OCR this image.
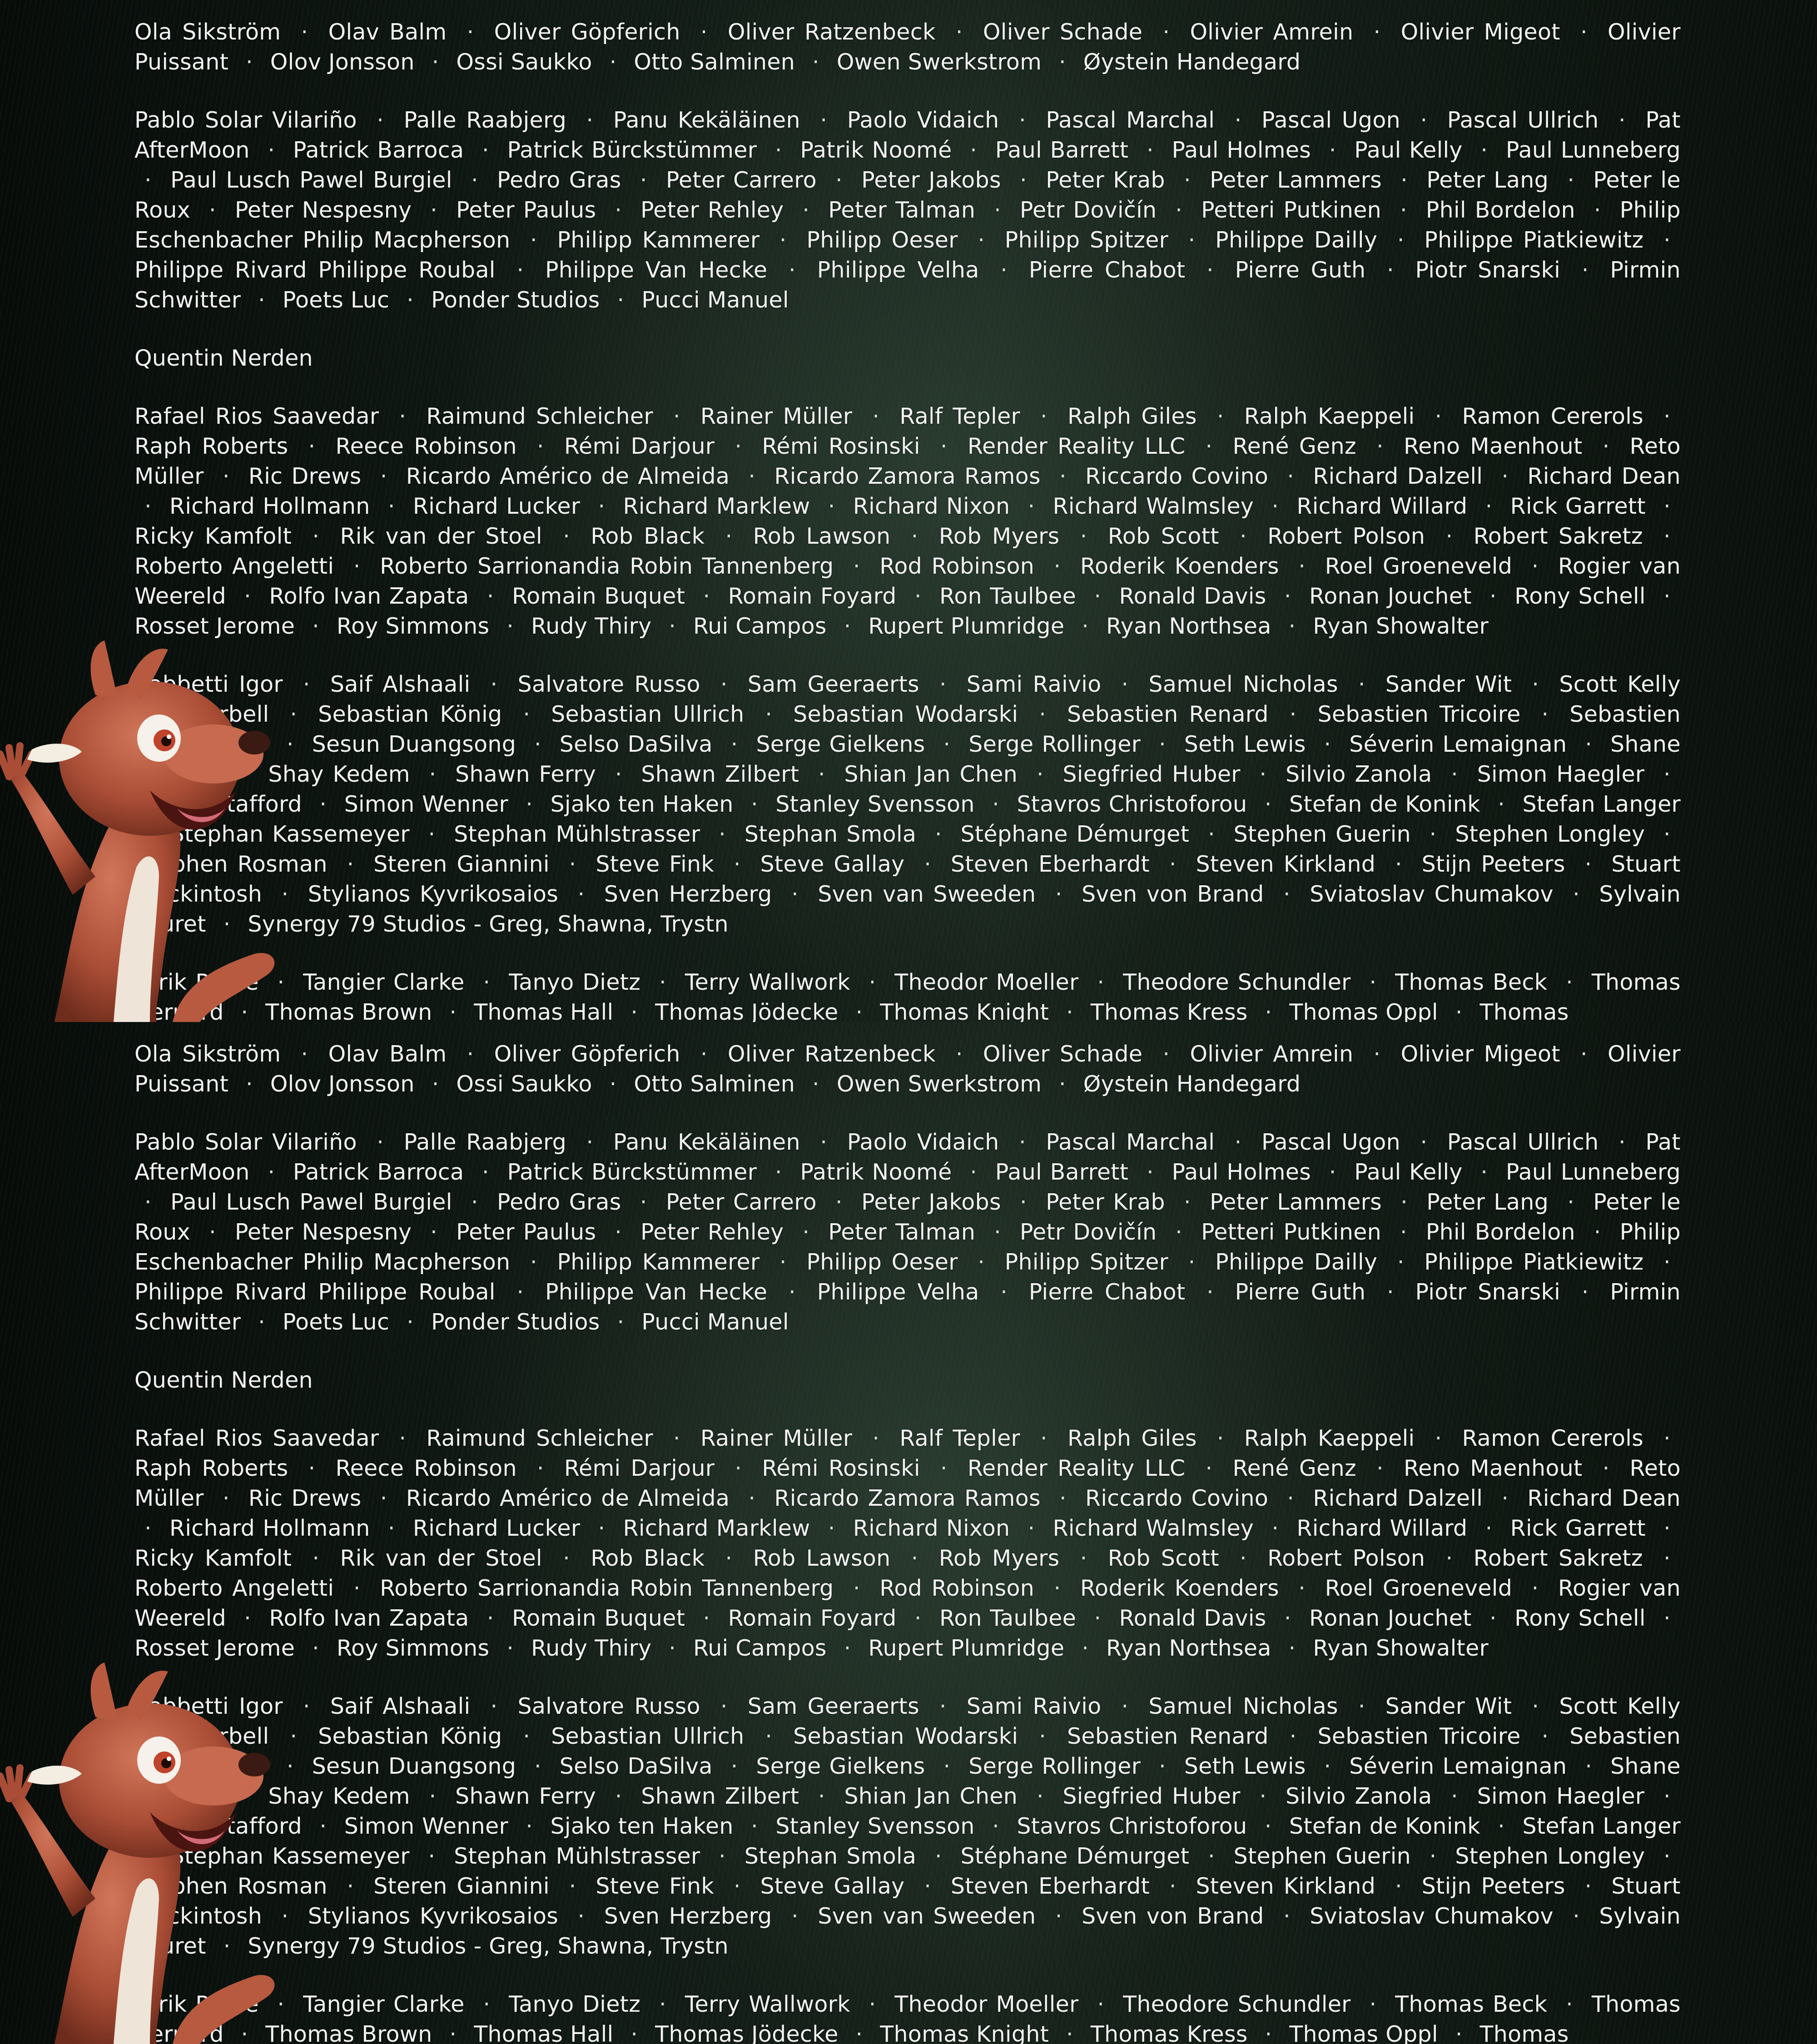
Ola Sikström · Olav Balm · Oliver Göpferich · Oliver Ratzenbeck · Oliver Schade · Olivier Amrein · Olivier Migeot · Olivier Puissant · Olov Jonsson · Ossi Saukko · Otto Salminen · Owen Swerkstrom · Øystein Handegard

Pablo Solar Vilariño · Palle Raabjerg · Panu Kekäläinen · Paolo Vidaich · Pascal Marchal · Pascal Ugon · Pascal Ullrich · Pat AfterMoon · Patrick Barroca · Patrick Bürckstümmer · Patrik Noomé · Paul Barrett · Paul Holmes · Paul Kelly · Paul Lunneberg · Paul Lusch Pawel Burgiel · Pedro Gras · Peter Carrero · Peter Jakobs · Peter Krab · Peter Lammers · Peter Lang · Peter le Roux · Peter Nespesny · Peter Paulus · Peter Rehley · Peter Talman · Petr Dovičín · Petteri Putkinen · Phil Bordelon · Philip Eschenbacher Philip Macpherson · Philipp Kammerer · Philipp Oeser · Philipp Spitzer · Philippe Dailly · Philippe Piatkiewitz · Philippe Rivard Philippe Roubal · Philippe Van Hecke · Philippe Velha · Pierre Chabot · Pierre Guth · Piotr Snarski · Pirmin Schwitter · Poets Luc · Ponder Studios · Pucci Manuel

Quentin Nerden

Rafael Rios Saavedar · Raimund Schleicher · Rainer Müller · Ralf Tepler · Ralph Giles · Ralph Kaeppeli · Ramon Cererols · Raph Roberts · Reece Robinson · Rémi Darjour · Rémi Rosinski · Render Reality LLC · René Genz · Reno Maenhout · Reto Müller · Ric Drews · Ricardo Américo de Almeida · Ricardo Zamora Ramos · Riccardo Covino · Richard Dalzell · Richard Dean · Richard Hollmann · Richard Lucker · Richard Marklew · Richard Nixon · Richard Walmsley · Richard Willard · Rick Garrett · Ricky Kamfolt · Rik van der Stoel · Rob Black · Rob Lawson · Rob Myers · Rob Scott · Robert Polson · Robert Sakretz · Roberto Angeletti · Roberto Sarrionandia Robin Tannenberg · Rod Robinson · Roderik Koenders · Roel Groeneveld · Rogier van Weereld · Rolfo Ivan Zapata · Romain Buquet · Romain Foyard · Ron Taulbee · Ronald Davis · Ronan Jouchet · Rony Schell · Rosset Jerome · Roy Simmons · Rudy Thiry · Rui Campos · Rupert Plumridge · Ryan Northsea · Ryan Showalter

Sabbetti Igor · Saif Alshaali · Salvatore Russo · Sam Geeraerts · Sami Raivio · Samuel Nicholas · Sander Wit · Scott Kelly Sean Orbell · Sebastian König · Sebastian Ullrich · Sebastian Wodarski · Sebastien Renard · Sebastien Tricoire · Sebastien Vizzacchero · Sesun Duangsong · Selso DaSilva · Serge Gielkens · Serge Rollinger · Seth Lewis · Séverin Lemaignan · Shane Johnson · Shay Kedem · Shawn Ferry · Shawn Zilbert · Shian Jan Chen · Siegfried Huber · Silvio Zanola · Simon Haegler · Simon Stafford · Simon Wenner · Sjako ten Haken · Stanley Svensson · Stavros Christoforou · Stefan de Konink · Stefan Langer · Stephan Kassemeyer · Stephan Mühlstrasser · Stephan Smola · Stéphane Démurget · Stephen Guerin · Stephen Longley · Stephen Rosman · Steren Giannini · Steve Fink · Steve Gallay · Steven Eberhardt · Steven Kirkland · Stijn Peeters · Stuart Mackintosh · Stylianos Kyvrikosaios · Sven Herzberg · Sven van Sweeden · Sven von Brand · Sviatoslav Chumakov · Sylvain Louret · Synergy 79 Studios - Greg, Shawna, Trystn

Tarik Rabie · Tangier Clarke · Tanyo Dietz · Terry Wallwork · Theodor Moeller · Theodore Schundler · Thomas Beck · Thomas Bernard · Thomas Brown · Thomas Hall · Thomas Jödecke · Thomas Knight · Thomas Kress · Thomas Oppl · Thomas

Ola Sikström · Olav Balm · Oliver Göpferich · Oliver Ratzenbeck · Oliver Schade · Olivier Amrein · Olivier Migeot · Olivier Puissant · Olov Jonsson · Ossi Saukko · Otto Salminen · Owen Swerkstrom · Øystein Handegard

Pablo Solar Vilariño · Palle Raabjerg · Panu Kekäläinen · Paolo Vidaich · Pascal Marchal · Pascal Ugon · Pascal Ullrich · Pat AfterMoon · Patrick Barroca · Patrick Bürckstümmer · Patrik Noomé · Paul Barrett · Paul Holmes · Paul Kelly · Paul Lunneberg · Paul Lusch Pawel Burgiel · Pedro Gras · Peter Carrero · Peter Jakobs · Peter Krab · Peter Lammers · Peter Lang · Peter le Roux · Peter Nespesny · Peter Paulus · Peter Rehley · Peter Talman · Petr Dovičín · Petteri Putkinen · Phil Bordelon · Philip Eschenbacher Philip Macpherson · Philipp Kammerer · Philipp Oeser · Philipp Spitzer · Philippe Dailly · Philippe Piatkiewitz · Philippe Rivard Philippe Roubal · Philippe Van Hecke · Philippe Velha · Pierre Chabot · Pierre Guth · Piotr Snarski · Pirmin Schwitter · Poets Luc · Ponder Studios · Pucci Manuel

Quentin Nerden

Rafael Rios Saavedar · Raimund Schleicher · Rainer Müller · Ralf Tepler · Ralph Giles · Ralph Kaeppeli · Ramon Cererols · Raph Roberts · Reece Robinson · Rémi Darjour · Rémi Rosinski · Render Reality LLC · René Genz · Reno Maenhout · Reto Müller · Ric Drews · Ricardo Américo de Almeida · Ricardo Zamora Ramos · Riccardo Covino · Richard Dalzell · Richard Dean · Richard Hollmann · Richard Lucker · Richard Marklew · Richard Nixon · Richard Walmsley · Richard Willard · Rick Garrett · Ricky Kamfolt · Rik van der Stoel · Rob Black · Rob Lawson · Rob Myers · Rob Scott · Robert Polson · Robert Sakretz · Roberto Angeletti · Roberto Sarrionandia Robin Tannenberg · Rod Robinson · Roderik Koenders · Roel Groeneveld · Rogier van Weereld · Rolfo Ivan Zapata · Romain Buquet · Romain Foyard · Ron Taulbee · Ronald Davis · Ronan Jouchet · Rony Schell · Rosset Jerome · Roy Simmons · Rudy Thiry · Rui Campos · Rupert Plumridge · Ryan Northsea · Ryan Showalter

Sabbetti Igor · Saif Alshaali · Salvatore Russo · Sam Geeraerts · Sami Raivio · Samuel Nicholas · Sander Wit · Scott Kelly Sean Orbell · Sebastian König · Sebastian Ullrich · Sebastian Wodarski · Sebastien Renard · Sebastien Tricoire · Sebastien Vizzacchero · Sesun Duangsong · Selso DaSilva · Serge Gielkens · Serge Rollinger · Seth Lewis · Séverin Lemaignan · Shane Johnson · Shay Kedem · Shawn Ferry · Shawn Zilbert · Shian Jan Chen · Siegfried Huber · Silvio Zanola · Simon Haegler · Simon Stafford · Simon Wenner · Sjako ten Haken · Stanley Svensson · Stavros Christoforou · Stefan de Konink · Stefan Langer · Stephan Kassemeyer · Stephan Mühlstrasser · Stephan Smola · Stéphane Démurget · Stephen Guerin · Stephen Longley · Stephen Rosman · Steren Giannini · Steve Fink · Steve Gallay · Steven Eberhardt · Steven Kirkland · Stijn Peeters · Stuart Mackintosh · Stylianos Kyvrikosaios · Sven Herzberg · Sven van Sweeden · Sven von Brand · Sviatoslav Chumakov · Sylvain Louret · Synergy 79 Studios - Greg, Shawna, Trystn

Tarik Rabie · Tangier Clarke · Tanyo Dietz · Terry Wallwork · Theodor Moeller · Theodore Schundler · Thomas Beck · Thomas Bernard · Thomas Brown · Thomas Hall · Thomas Jödecke · Thomas Knight · Thomas Kress · Thomas Oppl · Thomas
